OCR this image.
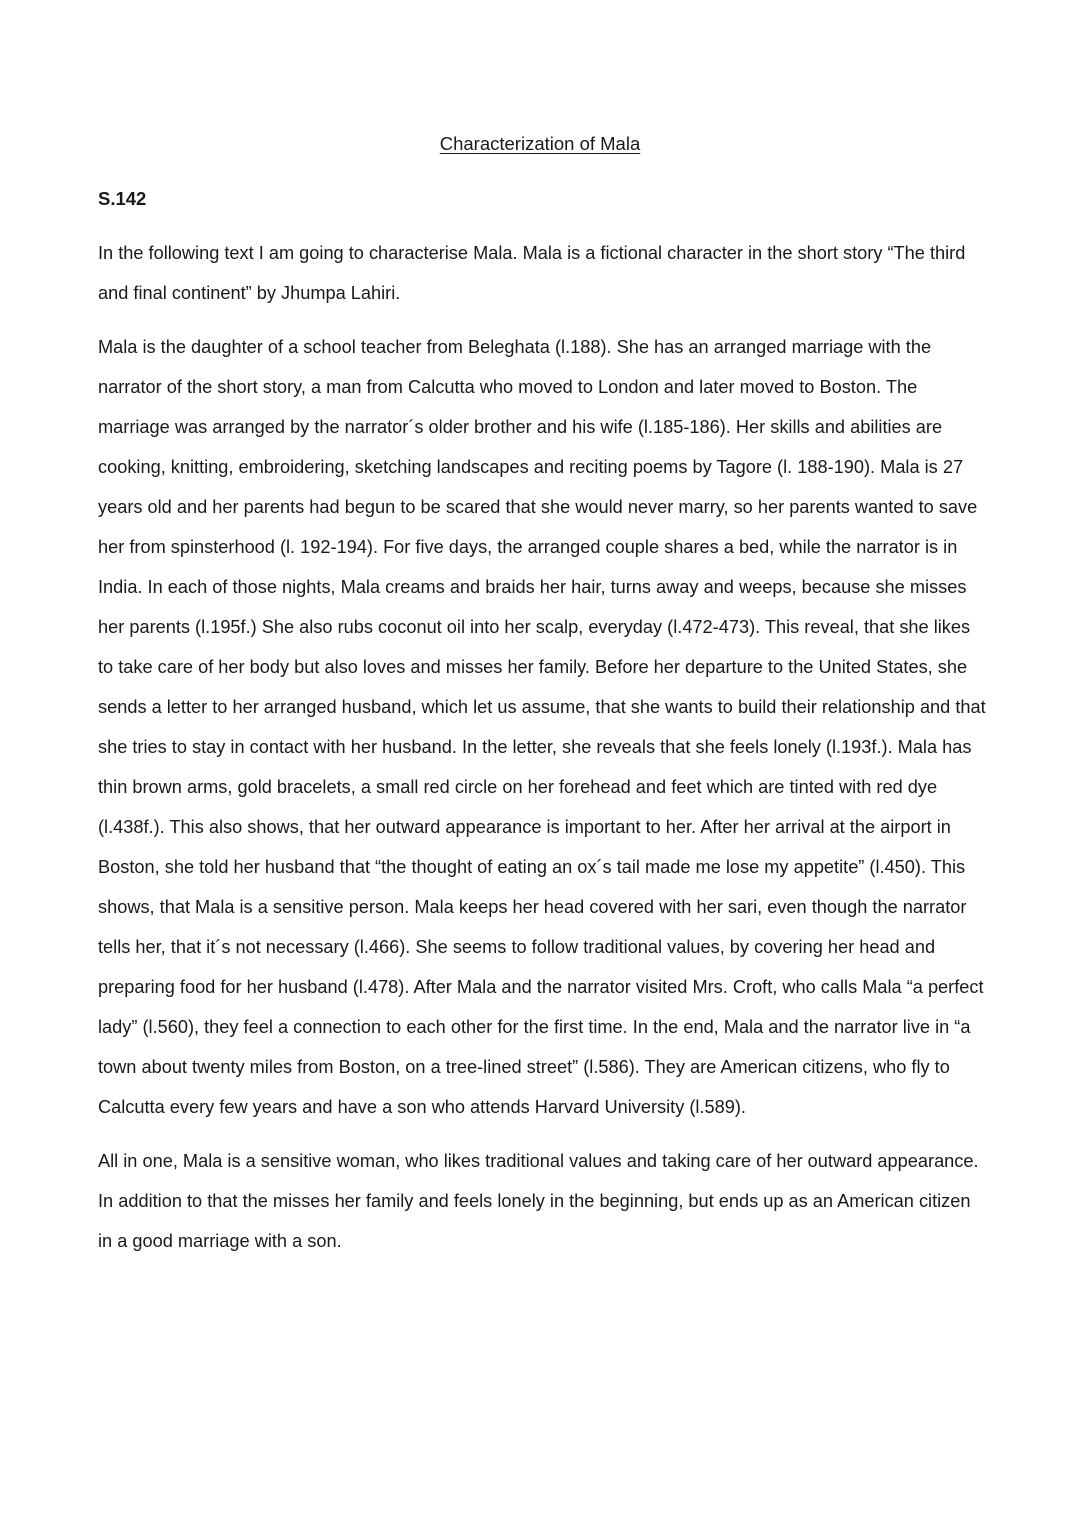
Characterization of Mala
S.142

In the following text I am going to characterise Mala. Mala is a fictional character in the short story “The third and final continent” by Jhumpa Lahiri.

Mala is the daughter of a school teacher from Beleghata (l.188). She has an arranged marriage with the narrator of the short story, a man from Calcutta who moved to London and later moved to Boston. The marriage was arranged by the narrator´s older brother and his wife (l.185-186). Her skills and abilities are cooking, knitting, embroidering, sketching landscapes and reciting poems by Tagore (l. 188-190). Mala is 27 years old and her parents had begun to be scared that she would never marry, so her parents wanted to save her from spinsterhood (l. 192-194). For five days, the arranged couple shares a bed, while the narrator is in India. In each of those nights, Mala creams and braids her hair, turns away and weeps, because she misses her parents (l.195f.) She also rubs coconut oil into her scalp, everyday (l.472-473). This reveal, that she likes to take care of her body but also loves and misses her family. Before her departure to the United States, she sends a letter to her arranged husband, which let us assume, that she wants to build their relationship and that she tries to stay in contact with her husband. In the letter, she reveals that she feels lonely (l.193f.). Mala has thin brown arms, gold bracelets, a small red circle on her forehead and feet which are tinted with red dye (l.438f.). This also shows, that her outward appearance is important to her. After her arrival at the airport in Boston, she told her husband that “the thought of eating an ox´s tail made me lose my appetite” (l.450). This shows, that Mala is a sensitive person. Mala keeps her head covered with her sari, even though the narrator tells her, that it´s not necessary (l.466). She seems to follow traditional values, by covering her head and preparing food for her husband (l.478). After Mala and the narrator visited Mrs. Croft, who calls Mala “a perfect lady” (l.560), they feel a connection to each other for the first time. In the end, Mala and the narrator live in “a town about twenty miles from Boston, on a tree-lined street” (l.586). They are American citizens, who fly to Calcutta every few years and have a son who attends Harvard University (l.589).

All in one, Mala is a sensitive woman, who likes traditional values and taking care of her outward appearance. In addition to that the misses her family and feels lonely in the beginning, but ends up as an American citizen in a good marriage with a son.
